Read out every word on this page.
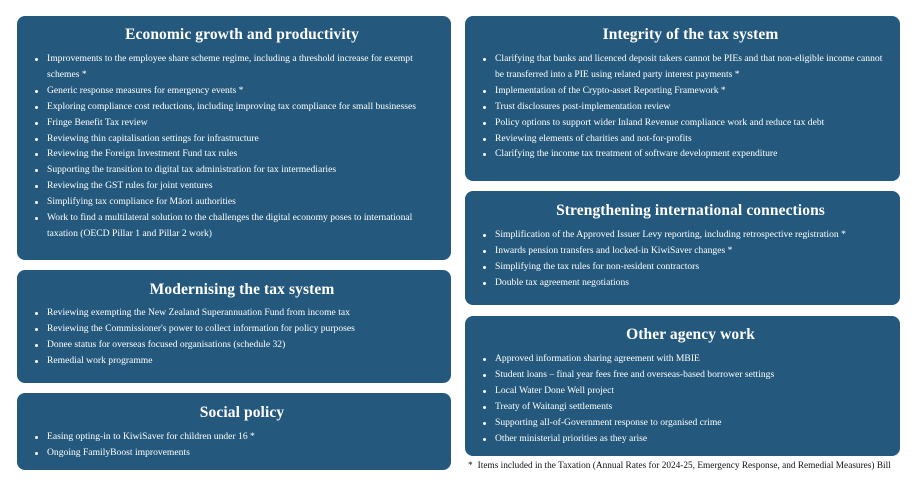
Economic growth and productivity
Improvements to the employee share scheme regime, including a threshold increase for exempt schemes *
Generic response measures for emergency events *
Exploring compliance cost reductions, including improving tax compliance for small businesses
Fringe Benefit Tax review
Reviewing thin capitalisation settings for infrastructure
Reviewing the Foreign Investment Fund tax rules
Supporting the transition to digital tax administration for tax intermediaries
Reviewing the GST rules for joint ventures
Simplifying tax compliance for Māori authorities
Work to find a multilateral solution to the challenges the digital economy poses to international taxation (OECD Pillar 1 and Pillar 2 work)
Modernising the tax system
Reviewing exempting the New Zealand Superannuation Fund from income tax
Reviewing the Commissioner's power to collect information for policy purposes
Donee status for overseas focused organisations (schedule 32)
Remedial work programme
Social policy
Easing opting-in to KiwiSaver for children under 16 *
Ongoing FamilyBoost improvements
Integrity of the tax system
Clarifying that banks and licenced deposit takers cannot be PIEs and that non-eligible income cannot be transferred into a PIE using related party interest payments *
Implementation of the Crypto-asset Reporting Framework *
Trust disclosures post-implementation review
Policy options to support wider Inland Revenue compliance work and reduce tax debt
Reviewing elements of charities and not-for-profits
Clarifying the income tax treatment of software development expenditure
Strengthening international connections
Simplification of the Approved Issuer Levy reporting, including retrospective registration *
Inwards pension transfers and locked-in KiwiSaver changes *
Simplifying the tax rules for non-resident contractors
Double tax agreement negotiations
Other agency work
Approved information sharing agreement with MBIE
Student loans – final year fees free and overseas-based borrower settings
Local Water Done Well project
Treaty of Waitangi settlements
Supporting all-of-Government response to organised crime
Other ministerial priorities as they arise
* Items included in the Taxation (Annual Rates for 2024-25, Emergency Response, and Remedial Measures) Bill
